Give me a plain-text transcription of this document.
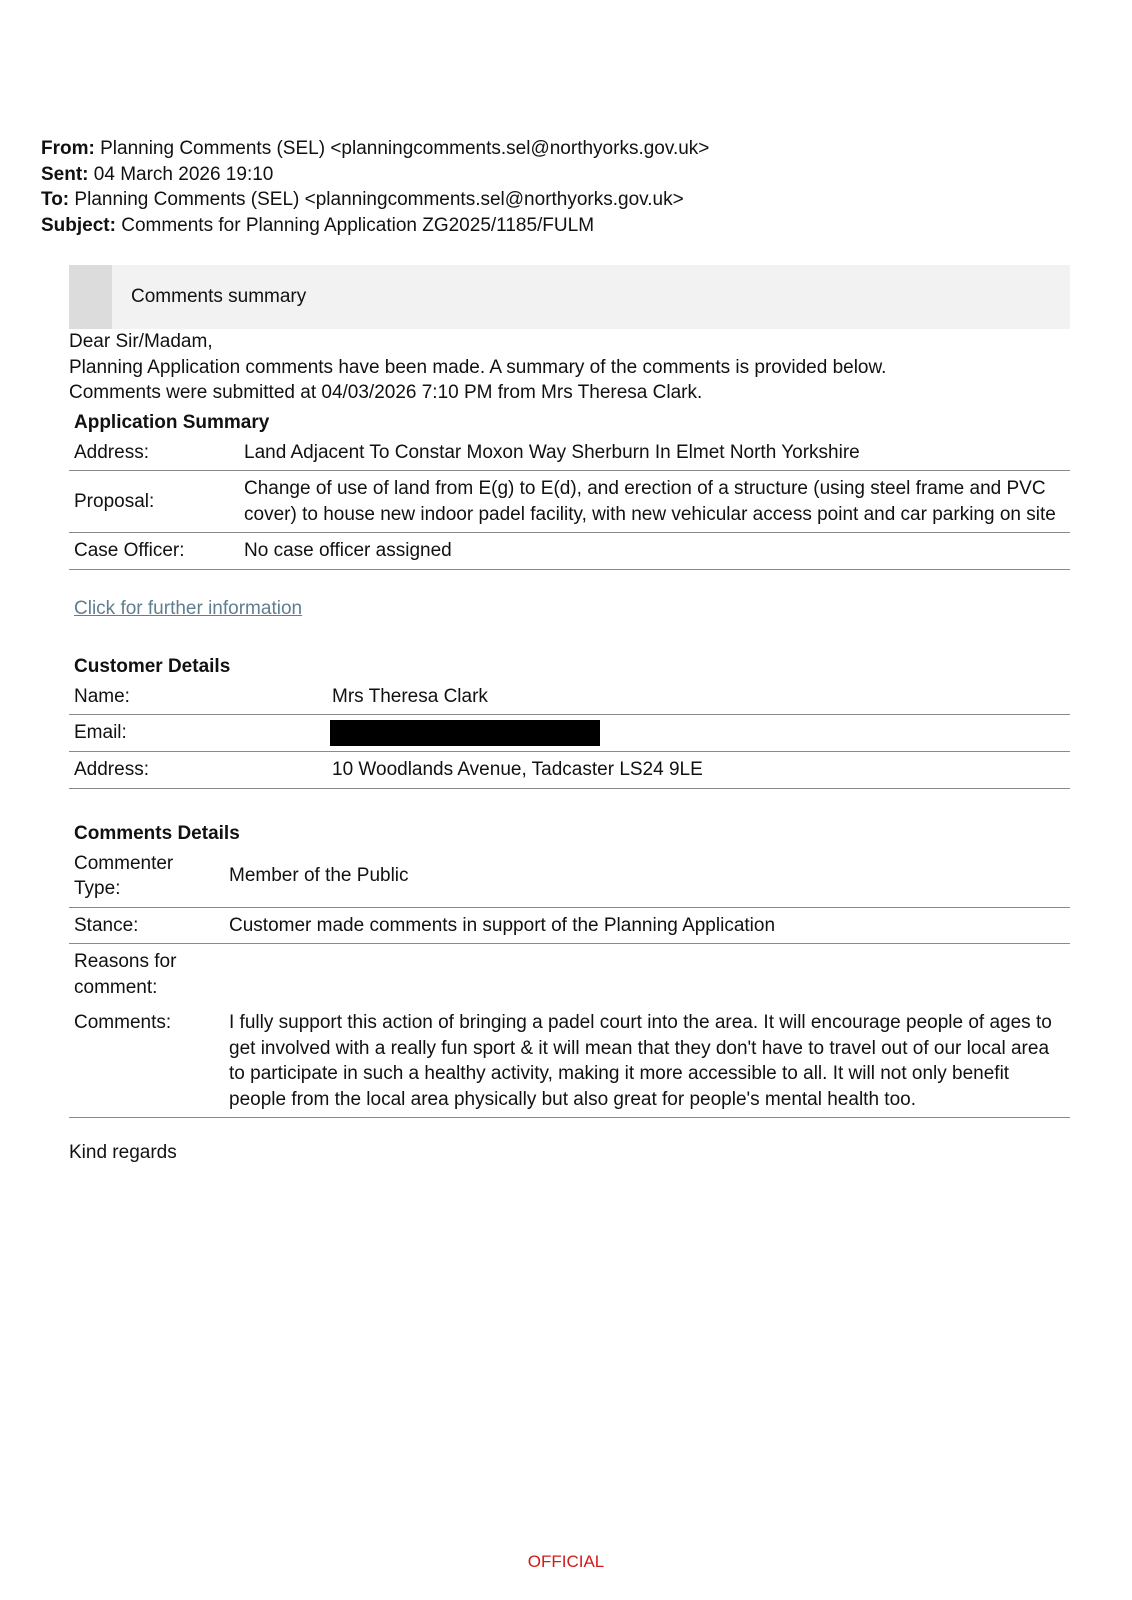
From: Planning Comments (SEL) <planningcomments.sel@northyorks.gov.uk>
Sent: 04 March 2026 19:10
To: Planning Comments (SEL) <planningcomments.sel@northyorks.gov.uk>
Subject: Comments for Planning Application ZG2025/1185/FULM
Comments summary
Dear Sir/Madam,
Planning Application comments have been made. A summary of the comments is provided below.
Comments were submitted at 04/03/2026 7:10 PM from Mrs Theresa Clark.
Application Summary
Address:	Land Adjacent To Constar Moxon Way Sherburn In Elmet North Yorkshire
Proposal:	Change of use of land from E(g) to E(d), and erection of a structure (using steel frame and PVC cover) to house new indoor padel facility, with new vehicular access point and car parking on site
Case Officer:	No case officer assigned
Click for further information
Customer Details
Name:	Mrs Theresa Clark
Email:	
Address:	10 Woodlands Avenue, Tadcaster LS24 9LE
Comments Details
Commenter Type:	Member of the Public
Stance:	Customer made comments in support of the Planning Application
Reasons for comment:	
Comments:	I fully support this action of bringing a padel court into the area. It will encourage people of ages to get involved with a really fun sport & it will mean that they don't have to travel out of our local area to participate in such a healthy activity, making it more accessible to all. It will not only benefit people from the local area physically but also great for people's mental health too.
Kind regards
OFFICIAL
